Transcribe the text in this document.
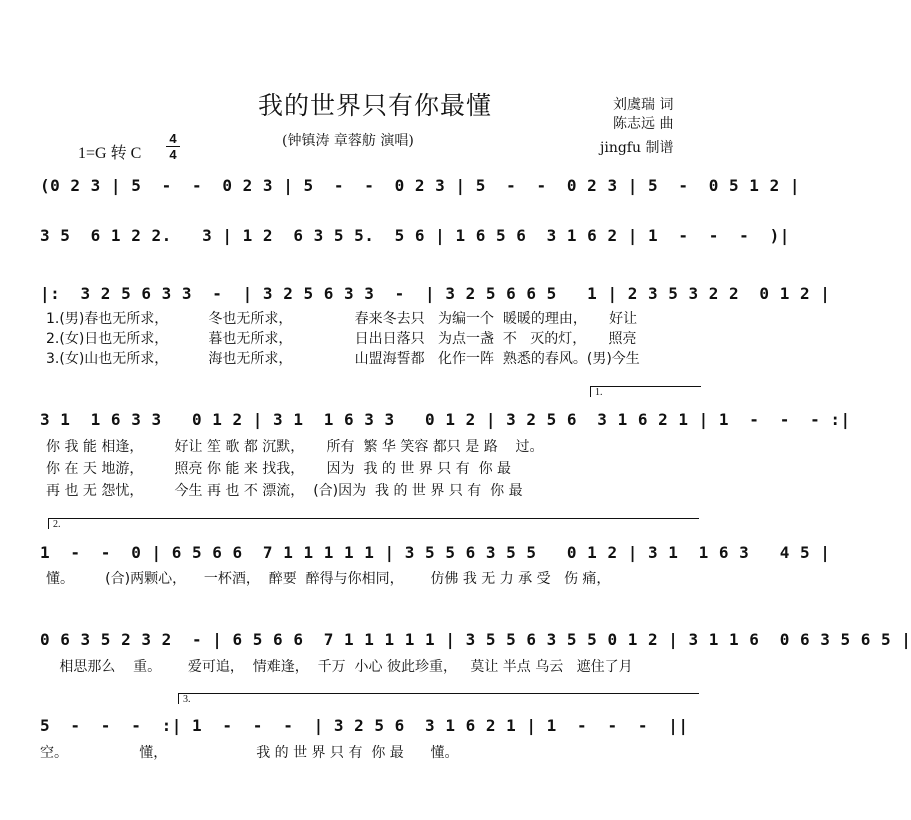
我的世界只有你最懂
(钟镇涛 章蓉舫 演唱)
刘虞瑞 词
陈志远 曲
jingfu 制谱
1=G 转 C
4
4
(0 2 3 | 5  -  -  0 2 3 | 5  -  -  0 2 3 | 5  -  -  0 2 3 | 5  -  0 5 1 2 |
3 5  6 1 2 2.   3 | 1 2  6 3 5 5.  5 6 | 1 6 5 6  3 1 6 2 | 1  -  -  -  )|
|:  3 2 5 6 3 3  -  | 3 2 5 6 3 3  -  | 3 2 5 6 6 5   1 | 2 3 5 3 2 2  0 1 2 |
1.(男)春也无所求，         冬也无所求，              春来冬去只   为编一个  暖暖的理由，     好让
2.(女)日也无所求，         暮也无所求，              日出日落只   为点一盏  不   灭的灯，     照亮
3.(女)山也无所求，         海也无所求，              山盟海誓都   化作一阵  熟悉的春风。(男)今生
1.
3 1  1 6 3 3   0 1 2 | 3 1  1 6 3 3   0 1 2 | 3 2 5 6  3 1 6 2 1 | 1  -  -  - :|
你 我 能 相逢，       好让 笙 歌 都 沉默，     所有  繁 华 笑容 都只 是 路    过。
你 在 天 地游，       照亮 你 能 来 找我，     因为  我 的 世 界 只 有  你 最
再 也 无 怨忧，       今生 再 也 不 漂流，  (合)因为  我 的 世 界 只 有  你 最
2.
1  -  -  0 | 6 5 6 6  7 1 1 1 1 1 | 3 5 5 6 3 5 5   0 1 2 | 3 1  1 6 3   4 5 |
懂。       (合)两颗心，    一杯酒，  醉要  醉得与你相同，      仿佛 我 无 力 承 受   伤 痛，
0 6 3 5 2 3 2  - | 6 5 6 6  7 1 1 1 1 1 | 3 5 5 6 3 5 5 0 1 2 | 3 1 1 6  0 6 3 5 6 5 |
相思那么    重。      爱可追，  情难逢，  千万  小心 彼此珍重，   莫让 半点 乌云   遮住了月
3.
5  -  -  -  :| 1  -  -  -  | 3 2 5 6  3 1 6 2 1 | 1  -  -  -  ||
空。                懂，                    我 的 世 界 只 有  你 最      懂。
